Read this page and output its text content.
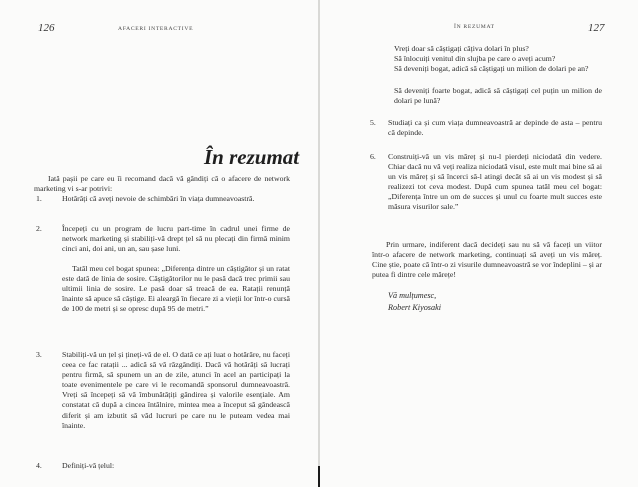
126	AFACERI INTERACTIVE
În rezumat

Iată pașii pe care eu îi recomand dacă vă gândiți că o afacere de network marketing vi s-ar potrivi:

1.	Hotărâți că aveți nevoie de schimbări în viața dumneavoastră.

2.	Începeți cu un program de lucru part-time în cadrul unei firme de network marketing și stabiliți-vă drept țel să nu plecați din firmă minim cinci ani, doi ani, un an, sau șase luni.

Tatăl meu cel bogat spunea: „Diferența dintre un câștigător și un ratat este dată de linia de sosire. Câștigătorilor nu le pasă dacă trec primii sau ultimii linia de sosire. Le pasă doar să treacă de ea. Ratații renunță înainte să apuce să câștige. Ei aleargă în fiecare zi a vieții lor într-o cursă de 100 de metri și se opresc după 95 de metri.”

3.	Stabiliți-vă un țel și țineți-vă de el. O dată ce ați luat o hotărâre, nu faceți ceea ce fac ratații ... adică să vă răzgândiți. Dacă vă hotărâți să lucrați pentru firmă, să spunem un an de zile, atunci în acel an participați la toate evenimentele pe care vi le recomandă sponsorul dumneavoastră. Vreți să începeți să vă îmbunătățiți gândirea și valorile esențiale. Am constatat că după a cincea întâlnire, mintea mea a început să gândească diferit și am izbutit să văd lucruri pe care nu le puteam vedea mai înainte.

4.	Definiți-vă țelul:

ÎN REZUMAT	127

Vreți doar să câștigați câțiva dolari în plus?

Să înlocuiți venitul din slujba pe care o aveți acum?

Să deveniți bogat, adică să câștigați un milion de dolari pe an?

Să deveniți foarte bogat, adică să câștigați cel puțin un milion de dolari pe lună?

5. Studiați ca și cum viața dumneavoastră ar depinde de asta – pentru că depinde.

6. Construiți-vă un vis măreț și nu-l pierdeți niciodată din vedere. Chiar dacă nu vă veți realiza niciodată visul, este mult mai bine să ai un vis măreț și să încerci să-l atingi decât să ai un vis modest și să realizezi tot ceva modest. După cum spunea tatăl meu cel bogat: „Diferența între un om de succes și unul cu foarte mult succes este măsura visurilor sale.”

Prin urmare, indiferent dacă decideți sau nu să vă faceți un viitor într-o afacere de network marketing, continuați să aveți un vis măreț. Cine știe, poate că într-o zi visurile dumneavoastră se vor îndeplini – și ar putea fi dintre cele mărețe!

Vă mulțumesc,
Robert Kiyosaki
